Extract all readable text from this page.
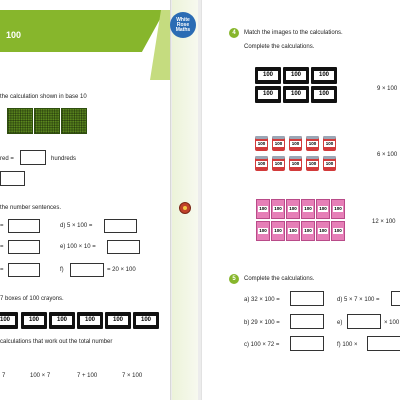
100
the calculation shown in base 10
red =	hundreds
the number sentences.
=	d) 5 × 100 =
=	e) 100 × 10 =
=	f)	= 20 × 100
7 boxes of 100 crayons.
100	100	100	100	100	100
calculations that work out the total number
7	100 × 7	7 + 100	7 × 100
White
Rose
Maths
4	Match the images to the calculations.
Complete the calculations.
100	100	100
100	100	100
9 × 100
100	100	100	100	100
100	100	100	100	100
6 × 100
100 100 100 100 100 100
100 100 100 100 100 100
12 × 100
5	Complete the calculations.
a) 32 × 100 =	d) 5 × 7 × 100 =
b) 29 × 100 =	e)	× 100
c) 100 × 72 =	f) 100 ×
